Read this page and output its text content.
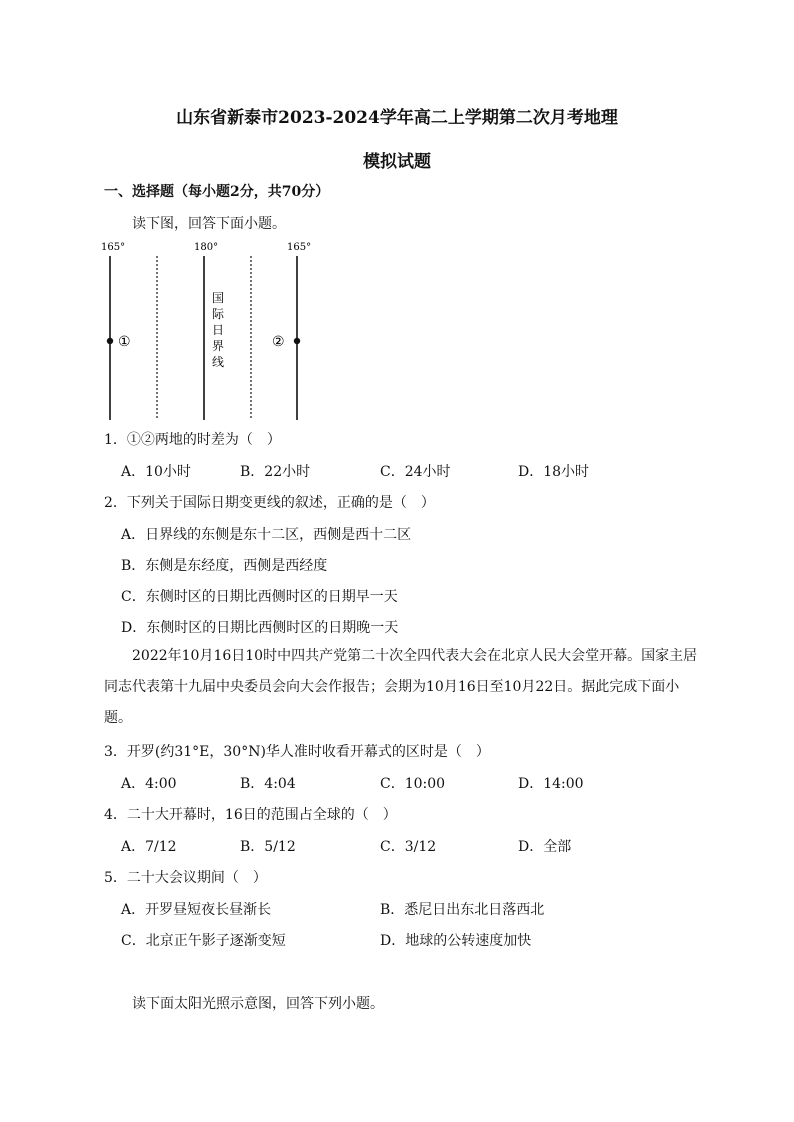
山东省新泰市2023-2024学年高二上学期第二次月考地理
模拟试题
一、选择题（每小题2分，共70分）
读下图，回答下面小题。
165°	180°	165°
①	②
国
际
日
界
线
1．①②两地的时差为（　）
A．10小时	B．22小时	C．24小时	D．18小时
2．下列关于国际日期变更线的叙述，正确的是（　）
A．日界线的东侧是东十二区，西侧是西十二区
B．东侧是东经度，西侧是西经度
C．东侧时区的日期比西侧时区的日期早一天
D．东侧时区的日期比西侧时区的日期晚一天
2022年10月16日10时中四共产党第二十次全四代表大会在北京人民大会堂开幕。国家主居同志代表第十九届中央委员会向大会作报告；会期为10月16日至10月22日。据此完成下面小题。
3．开罗(约31°E，30°N)华人准时收看开幕式的区时是（　）
A．4:00	B．4:04	C．10:00	D．14:00
4．二十大开幕时，16日的范围占全球的（　）
A．7/12	B．5/12	C．3/12	D．全部
5．二十大会议期间（　）
A．开罗昼短夜长昼渐长	B．悉尼日出东北日落西北
C．北京正午影子逐渐变短	D．地球的公转速度加快
读下面太阳光照示意图，回答下列小题。
